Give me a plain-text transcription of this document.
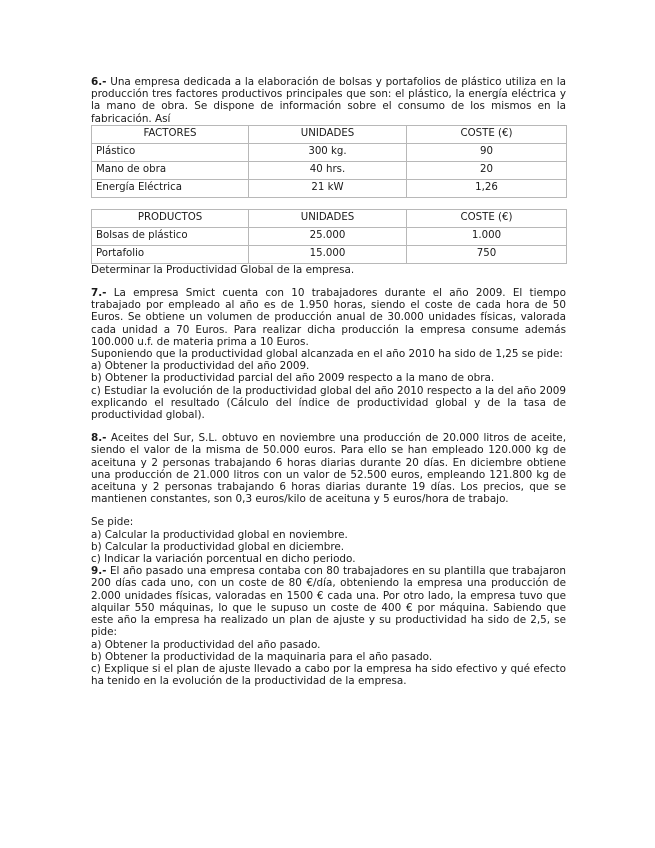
6.- Una empresa dedicada a la elaboración de bolsas y portafolios de plástico utiliza en la producción tres factores productivos principales que son: el plástico, la energía eléctrica y la mano de obra. Se dispone de información sobre el consumo de los mismos en la fabricación. Así

FACTORES	UNIDADES	COSTE (€)
Plástico	300 kg.	90
Mano de obra	40 hrs.	20
Energía Eléctrica	21 kW	1,26
PRODUCTOS	UNIDADES	COSTE (€)
Bolsas de plástico	25.000	1.000
Portafolio	15.000	750

Determinar la Productividad Global de la empresa.

7.- La empresa Smict cuenta con 10 trabajadores durante el año 2009. El tiempo trabajado por empleado al año es de 1.950 horas, siendo el coste de cada hora de 50 Euros. Se obtiene un volumen de producción anual de 30.000 unidades físicas, valorada cada unidad a 70 Euros. Para realizar dicha producción la empresa consume además 100.000 u.f. de materia prima a 10 Euros.

Suponiendo que la productividad global alcanzada en el año 2010 ha sido de 1,25 se pide:

a) Obtener la productividad del año 2009.

b) Obtener la productividad parcial del año 2009 respecto a la mano de obra.

c) Estudiar la evolución de la productividad global del año 2010 respecto a la del año 2009 explicando el resultado (Cálculo del índice de productividad global y de la tasa de productividad global).

8.- Aceites del Sur, S.L. obtuvo en noviembre una producción de 20.000 litros de aceite, siendo el valor de la misma de 50.000 euros. Para ello se han empleado 120.000 kg de aceituna y 2 personas trabajando 6 horas diarias durante 20 días. En diciembre obtiene una producción de 21.000 litros con un valor de 52.500 euros, empleando 121.800 kg de aceituna y 2 personas trabajando 6 horas diarias durante 19 días. Los precios, que se mantienen constantes, son 0,3 euros/kilo de aceituna y 5 euros/hora de trabajo.

Se pide:

a) Calcular la productividad global en noviembre.

b) Calcular la productividad global en diciembre.

c) Indicar la variación porcentual en dicho periodo.

9.- El año pasado una empresa contaba con 80 trabajadores en su plantilla que trabajaron 200 días cada uno, con un coste de 80 €/día, obteniendo la empresa una producción de 2.000 unidades físicas, valoradas en 1500 € cada una. Por otro lado, la empresa tuvo que alquilar 550 máquinas, lo que le supuso un coste de 400 € por máquina. Sabiendo que este año la empresa ha realizado un plan de ajuste y su productividad ha sido de 2,5, se pide:

a) Obtener la productividad del año pasado.

b) Obtener la productividad de la maquinaria para el año pasado.

c) Explique si el plan de ajuste llevado a cabo por la empresa ha sido efectivo y qué efecto ha tenido en la evolución de la productividad de la empresa.
